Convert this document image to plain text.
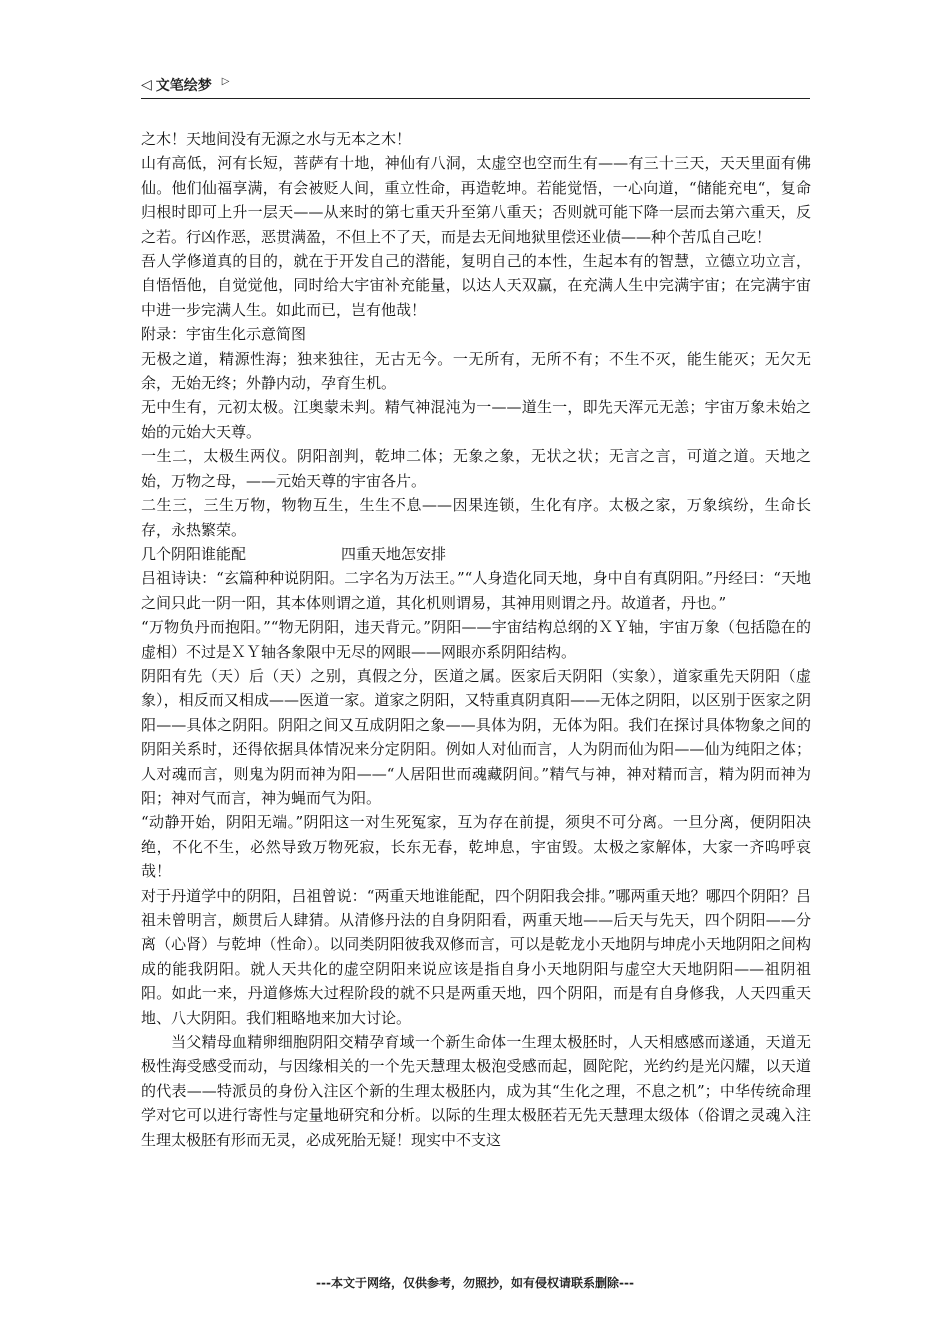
◁ 文笔绘梦 ▷

之木！天地间没有无源之水与无本之木！

山有高低，河有长短，菩萨有十地，神仙有八洞，太虚空也空而生有——有三十三天，天天里面有佛仙。他们仙福享满，有会被贬人间，重立性命，再造乾坤。若能觉悟，一心向道，“储能充电“，复命归根时即可上升一层天——从来时的第七重天升至第八重天；否则就可能下降一层而去第六重天，反之若。行凶作恶，恶贯满盈，不但上不了天，而是去无间地狱里偿还业债——种个苦瓜自己吃！

吾人学修道真的目的，就在于开发自己的潜能，复明自己的本性，生起本有的智慧，立德立功立言，自悟悟他，自觉觉他，同时给大宇宙补充能量，以达人天双赢，在充满人生中完满宇宙；在完满宇宙中进一步完满人生。如此而已，岂有他哉！

附录：宇宙生化示意简图

无极之道，精源性海；独来独往，无古无今。一无所有，无所不有；不生不灭，能生能灭；无欠无余，无始无终；外静内动，孕育生机。

无中生有，元初太极。江奥蒙未判。精气神混沌为一——道生一，即先天浑元无恙；宇宙万象未始之始的元始大天尊。

一生二，太极生两仪。阴阳剖判，乾坤二体；无象之象，无状之状；无言之言，可道之道。天地之始，万物之母，——元始天尊的宇宙各片。

二生三，三生万物，物物互生，生生不息——因果连锁，生化有序。太极之家，万象缤纷，生命长存，永热繁荣。

几个阴阳谁能配	四重天地怎安排

吕祖诗诀：“玄篇种种说阴阳。二字名为万法王。”“人身造化同天地，身中自有真阴阳。”丹经曰：“天地之间只此一阴一阳，其本体则谓之道，其化机则谓易，其神用则谓之丹。故道者，丹也。”

“万物负丹而抱阳。”“物无阴阳，违天背元。”阴阳——宇宙结构总纲的ＸＹ轴，宇宙万象（包括隐在的虚相）不过是ＸＹ轴各象限中无尽的网眼——网眼亦系阴阳结构。

阴阳有先（天）后（天）之别，真假之分，医道之属。医家后天阴阳（实象），道家重先天阴阳（虚象），相反而又相成——医道一家。道家之阴阳，又特重真阴真阳——无体之阴阳，以区别于医家之阴阳——具体之阴阳。阴阳之间又互成阴阳之象——具体为阴，无体为阳。我们在探讨具体物象之间的阴阳关系时，还得依据具体情况来分定阴阳。例如人对仙而言，人为阴而仙为阳——仙为纯阳之体；人对魂而言，则鬼为阴而神为阳——“人居阳世而魂藏阴间。”精气与神，神对精而言，精为阴而神为阳；神对气而言，神为蝇而气为阳。

“动静开始，阴阳无端。”阴阳这一对生死冤家，互为存在前提，须臾不可分离。一旦分离，便阴阳决绝，不化不生，必然导致万物死寂，长东无春，乾坤息，宇宙毁。太极之家解体，大家一齐呜呼哀哉！

对于丹道学中的阴阳，吕祖曾说：“两重天地谁能配，四个阴阳我会排。”哪两重天地？哪四个阴阳？吕祖未曾明言，颇贯后人肆猜。从清修丹法的自身阴阳看，两重天地——后天与先天，四个阴阳——分离（心肾）与乾坤（性命）。以同类阴阳彼我双修而言，可以是乾龙小天地阴与坤虎小天地阴阳之间构成的能我阴阳。就人天共化的虚空阴阳来说应该是指自身小天地阴阳与虚空大天地阴阳——祖阴祖阳。如此一来，丹道修炼大过程阶段的就不只是两重天地，四个阴阳，而是有自身修我，人天四重天地、八大阴阳。我们粗略地来加大讨论。

当父精母血精卵细胞阴阳交精孕育域一个新生命体一生理太极胚时，人天相感感而遂通，天道无极性海受感受而动，与因缘相关的一个先天慧理太极泡受感而起，圆陀陀，光约约是光闪耀，以天道的代表——特派员的身份入注区个新的生理太极胚内，成为其“生化之理，不息之机”；中华传统命理学对它可以进行寄性与定量地研究和分析。以际的生理太极胚若无先天慧理太级体（俗谓之灵魂入注生理太极胚有形而无灵，必成死胎无疑！现实中不支这

---本文于网络，仅供参考，勿照抄，如有侵权请联系删除---
